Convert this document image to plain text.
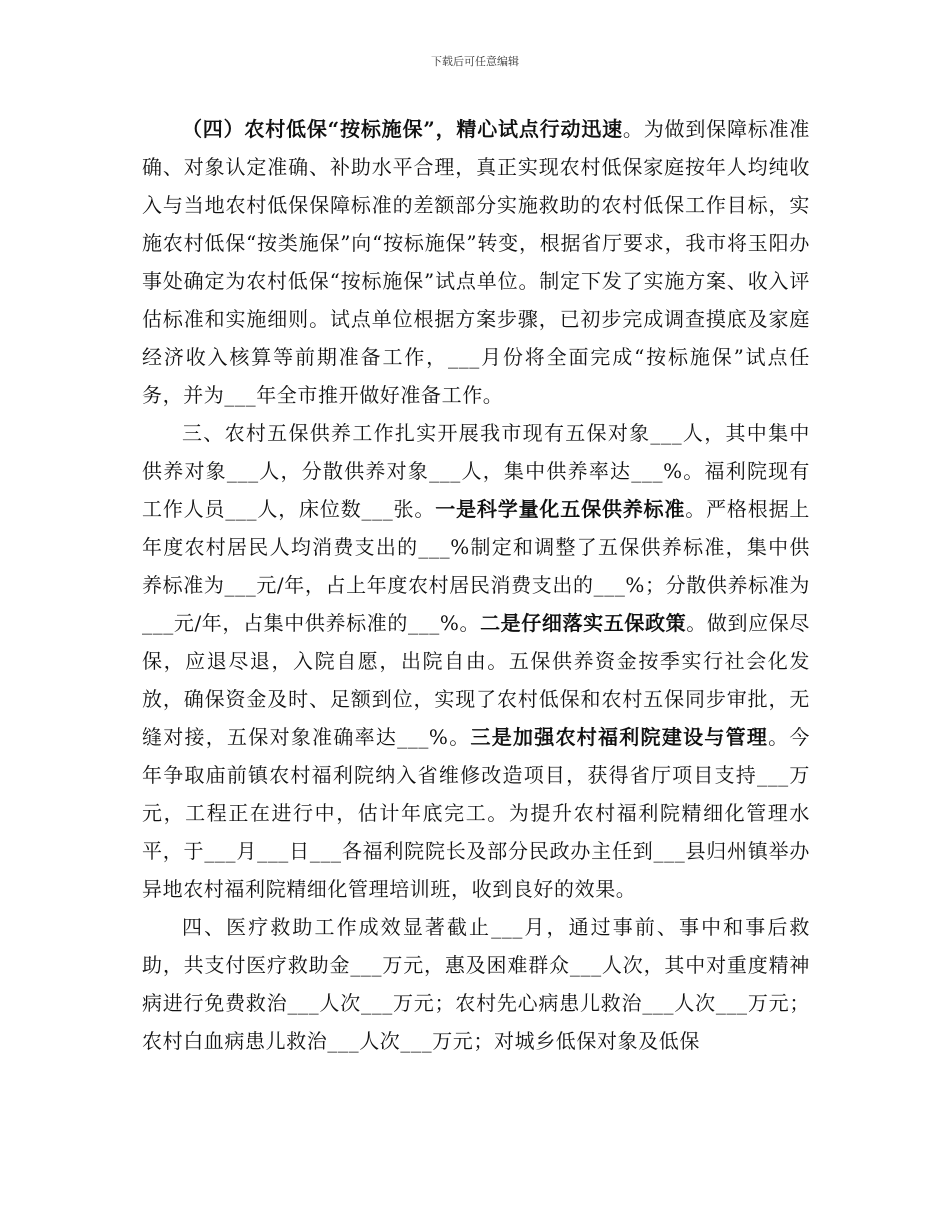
下载后可任意编辑

（四）农村低保“按标施保”，精心试点行动迅速。为做到保障标准准确、对象认定准确、补助水平合理，真正实现农村低保家庭按年人均纯收入与当地农村低保保障标准的差额部分实施救助的农村低保工作目标，实施农村低保“按类施保”向“按标施保”转变，根据省厅要求，我市将玉阳办事处确定为农村低保“按标施保”试点单位。制定下发了实施方案、收入评估标准和实施细则。试点单位根据方案步骤，已初步完成调查摸底及家庭经济收入核算等前期准备工作，___月份将全面完成“按标施保”试点任务，并为___年全市推开做好准备工作。

三、农村五保供养工作扎实开展我市现有五保对象___人，其中集中供养对象___人，分散供养对象___人，集中供养率达___%。福利院现有工作人员___人，床位数___张。一是科学量化五保供养标准。严格根据上年度农村居民人均消费支出的___%制定和调整了五保供养标准，集中供养标准为___元/年，占上年度农村居民消费支出的___%；分散供养标准为___元/年，占集中供养标准的___%。二是仔细落实五保政策。做到应保尽保，应退尽退，入院自愿，出院自由。五保供养资金按季实行社会化发放，确保资金及时、足额到位，实现了农村低保和农村五保同步审批，无缝对接，五保对象准确率达___%。三是加强农村福利院建设与管理。今年争取庙前镇农村福利院纳入省维修改造项目，获得省厅项目支持___万元，工程正在进行中，估计年底完工。为提升农村福利院精细化管理水平，于___月___日___各福利院院长及部分民政办主任到___县归州镇举办异地农村福利院精细化管理培训班，收到良好的效果。

四、医疗救助工作成效显著截止___月，通过事前、事中和事后救助，共支付医疗救助金___万元，惠及困难群众___人次，其中对重度精神病进行免费救治___人次___万元；农村先心病患儿救治___人次___万元；农村白血病患儿救治___人次___万元；对城乡低保对象及低保
